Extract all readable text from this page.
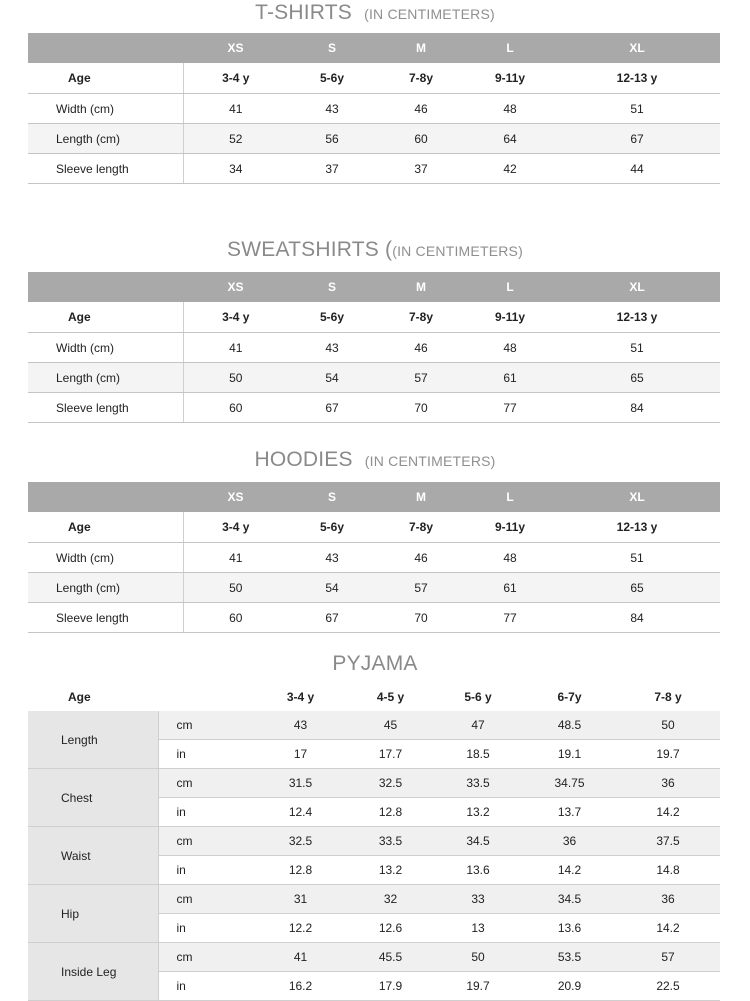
T-SHIRTS (IN CENTIMETERS)
	XS	S	M	L	XL
Age	3-4 y	5-6y	7-8y	9-11y	12-13 y
Width (cm)	41	43	46	48	51
Length (cm)	52	56	60	64	67
Sleeve length	34	37	37	42	44
SWEATSHIRTS ((IN CENTIMETERS)
	XS	S	M	L	XL
Age	3-4 y	5-6y	7-8y	9-11y	12-13 y
Width (cm)	41	43	46	48	51
Length (cm)	50	54	57	61	65
Sleeve length	60	67	70	77	84
HOODIES (IN CENTIMETERS)
	XS	S	M	L	XL
Age	3-4 y	5-6y	7-8y	9-11y	12-13 y
Width (cm)	41	43	46	48	51
Length (cm)	50	54	57	61	65
Sleeve length	60	67	70	77	84
PYJAMA
Age		3-4 y	4-5 y	5-6 y	6-7y	7-8 y
Length	cm	43	45	47	48.5	50
	in	17	17.7	18.5	19.1	19.7
Chest	cm	31.5	32.5	33.5	34.75	36
	in	12.4	12.8	13.2	13.7	14.2
Waist	cm	32.5	33.5	34.5	36	37.5
	in	12.8	13.2	13.6	14.2	14.8
Hip	cm	31	32	33	34.5	36
	in	12.2	12.6	13	13.6	14.2
Inside Leg	cm	41	45.5	50	53.5	57
	in	16.2	17.9	19.7	20.9	22.5
